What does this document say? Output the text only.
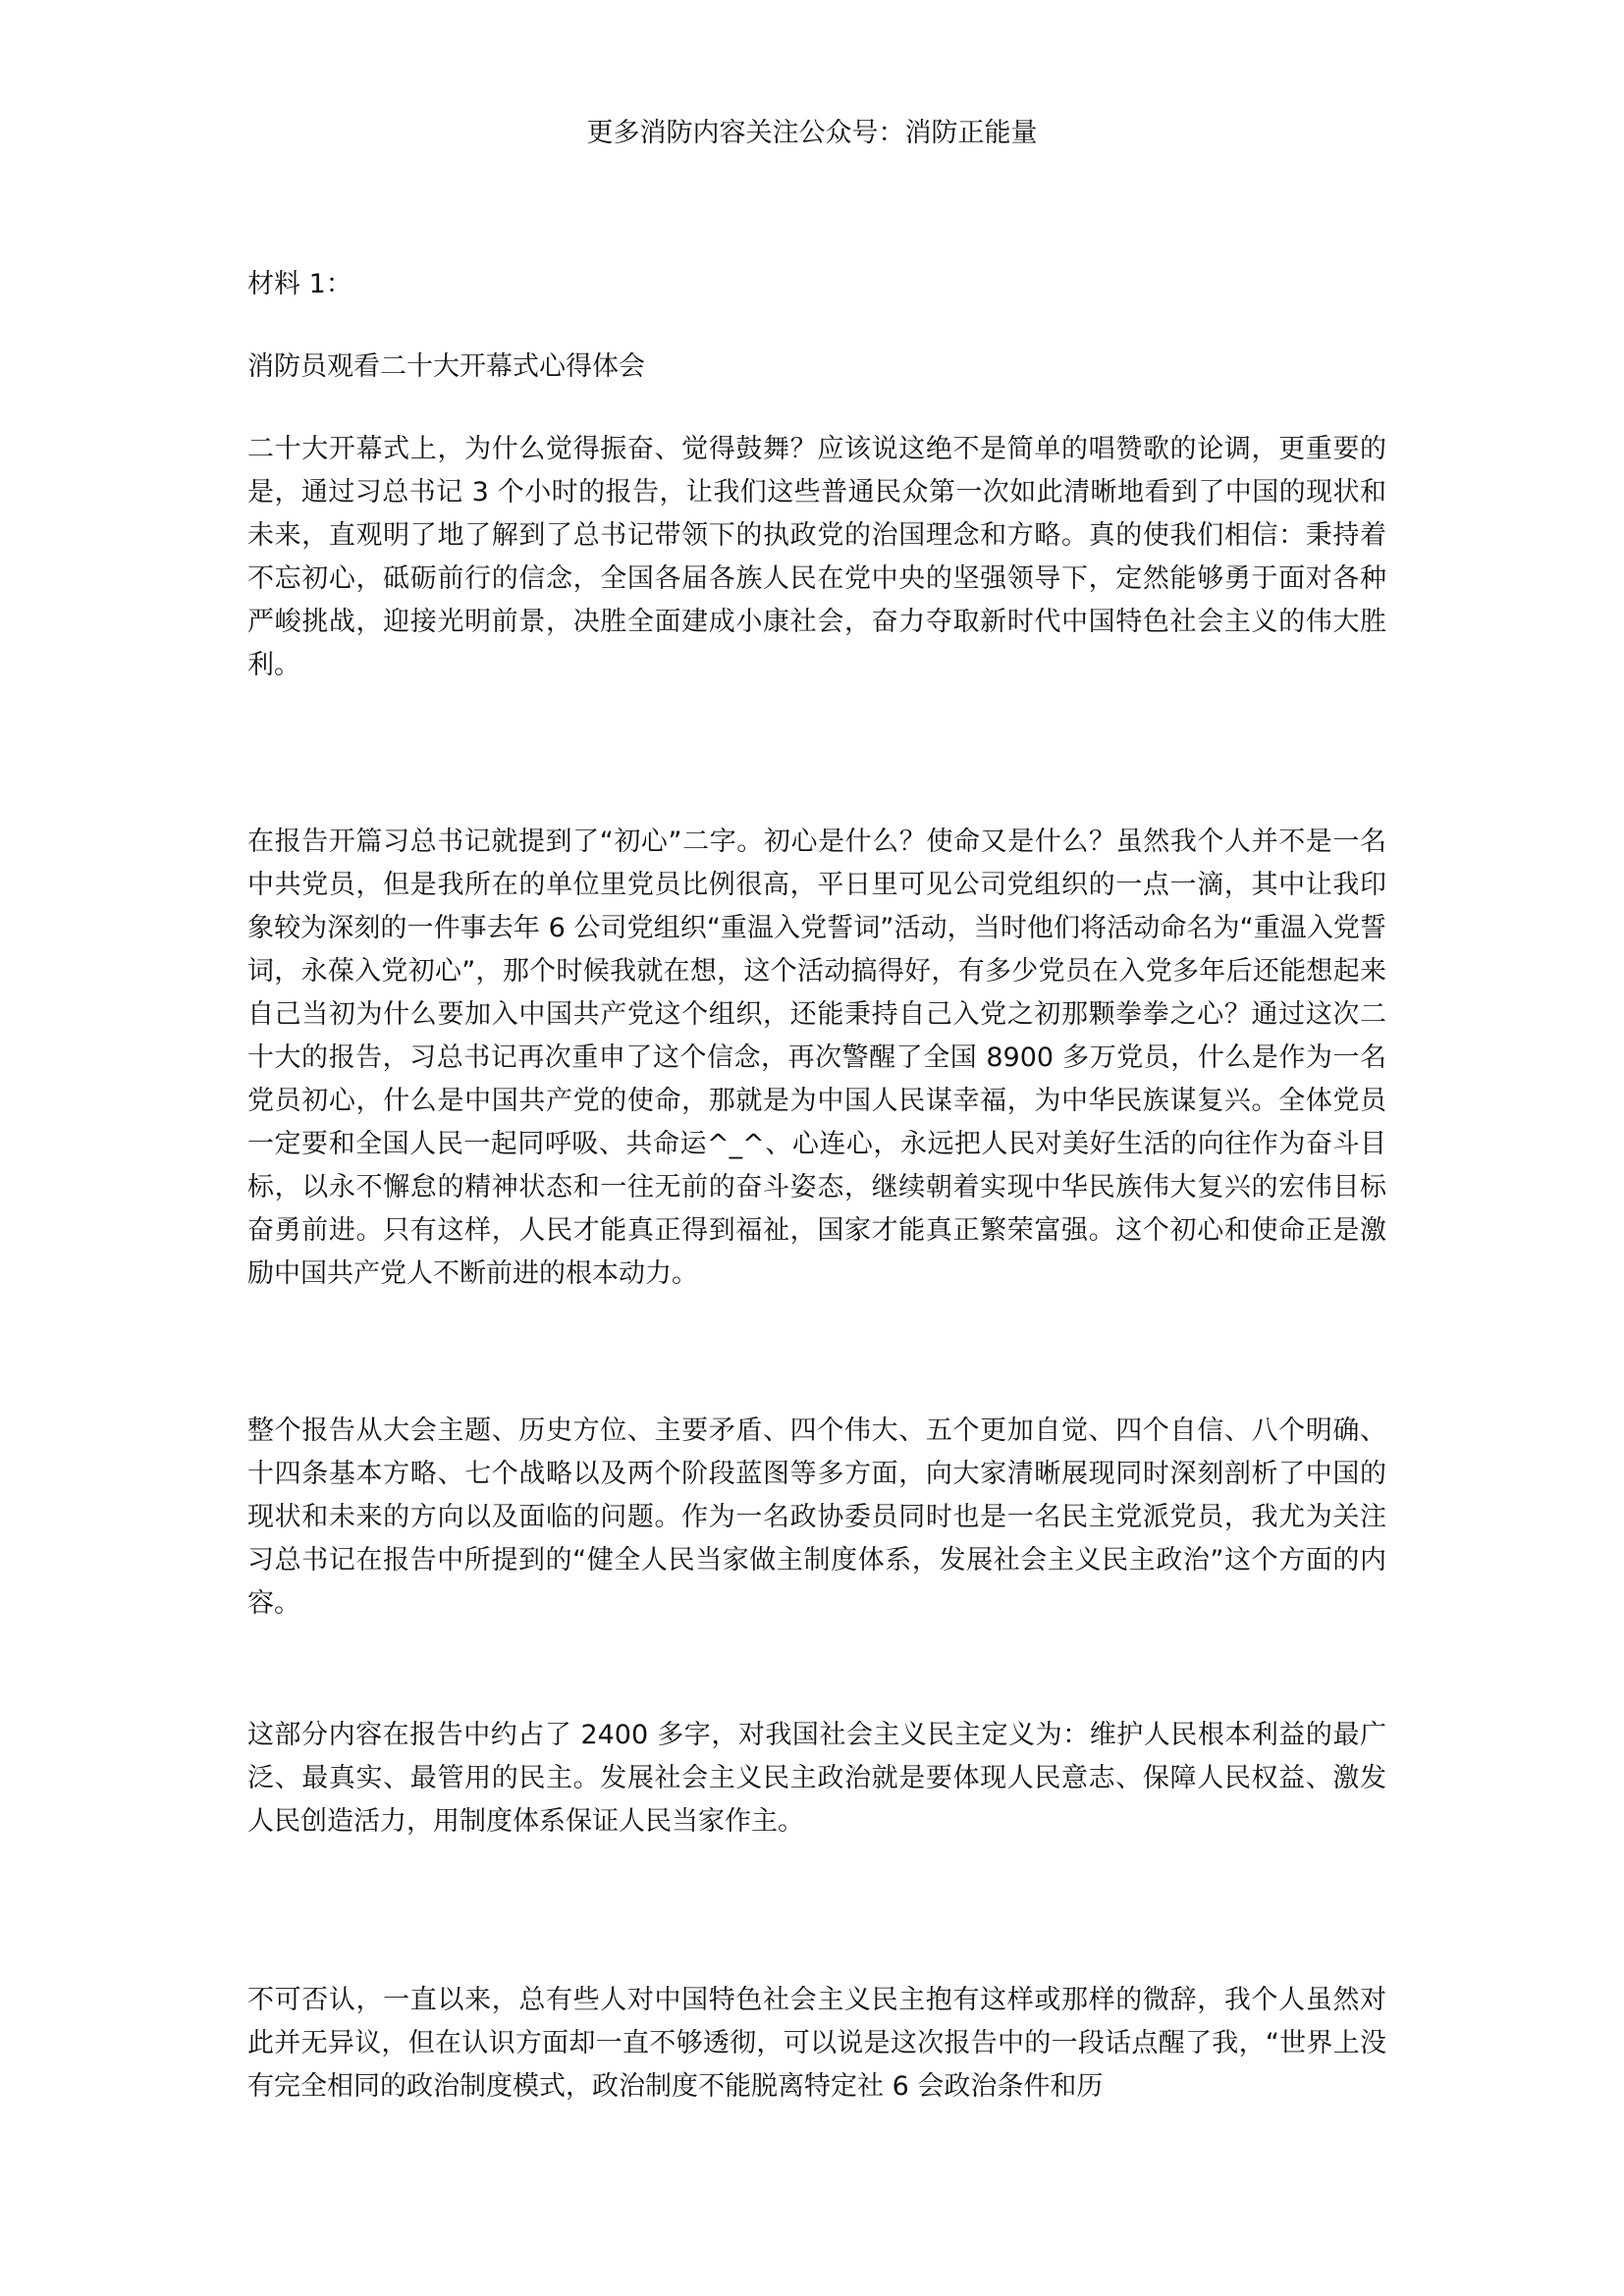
更多消防内容关注公众号：消防正能量

材料 1：

消防员观看二十大开幕式心得体会

二十大开幕式上，为什么觉得振奋、觉得鼓舞？应该说这绝不是简单的唱赞歌的论调，更重要的是，通过习总书记 3 个小时的报告，让我们这些普通民众第一次如此清晰地看到了中国的现状和未来，直观明了地了解到了总书记带领下的执政党的治国理念和方略。真的使我们相信：秉持着不忘初心，砥砺前行的信念，全国各届各族人民在党中央的坚强领导下，定然能够勇于面对各种严峻挑战，迎接光明前景，决胜全面建成小康社会，奋力夺取新时代中国特色社会主义的伟大胜利。

在报告开篇习总书记就提到了“初心”二字。初心是什么？使命又是什么？虽然我个人并不是一名中共党员，但是我所在的单位里党员比例很高，平日里可见公司党组织的一点一滴，其中让我印象较为深刻的一件事去年 6 公司党组织“重温入党誓词”活动，当时他们将活动命名为“重温入党誓词，永葆入党初心”，那个时候我就在想，这个活动搞得好，有多少党员在入党多年后还能想起来自己当初为什么要加入中国共产党这个组织，还能秉持自己入党之初那颗拳拳之心？通过这次二十大的报告，习总书记再次重申了这个信念，再次警醒了全国 8900 多万党员，什么是作为一名党员初心，什么是中国共产党的使命，那就是为中国人民谋幸福，为中华民族谋复兴。全体党员一定要和全国人民一起同呼吸、共命运^_^、心连心，永远把人民对美好生活的向往作为奋斗目标，以永不懈怠的精神状态和一往无前的奋斗姿态，继续朝着实现中华民族伟大复兴的宏伟目标奋勇前进。只有这样，人民才能真正得到福祉，国家才能真正繁荣富强。这个初心和使命正是激励中国共产党人不断前进的根本动力。

整个报告从大会主题、历史方位、主要矛盾、四个伟大、五个更加自觉、四个自信、八个明确、十四条基本方略、七个战略以及两个阶段蓝图等多方面，向大家清晰展现同时深刻剖析了中国的现状和未来的方向以及面临的问题。作为一名政协委员同时也是一名民主党派党员，我尤为关注习总书记在报告中所提到的“健全人民当家做主制度体系，发展社会主义民主政治”这个方面的内容。

这部分内容在报告中约占了 2400 多字，对我国社会主义民主定义为：维护人民根本利益的最广泛、最真实、最管用的民主。发展社会主义民主政治就是要体现人民意志、保障人民权益、激发人民创造活力，用制度体系保证人民当家作主。

不可否认，一直以来，总有些人对中国特色社会主义民主抱有这样或那样的微辞，我个人虽然对此并无异议，但在认识方面却一直不够透彻，可以说是这次报告中的一段话点醒了我，“世界上没有完全相同的政治制度模式，政治制度不能脱离特定社 6 会政治条件和历
